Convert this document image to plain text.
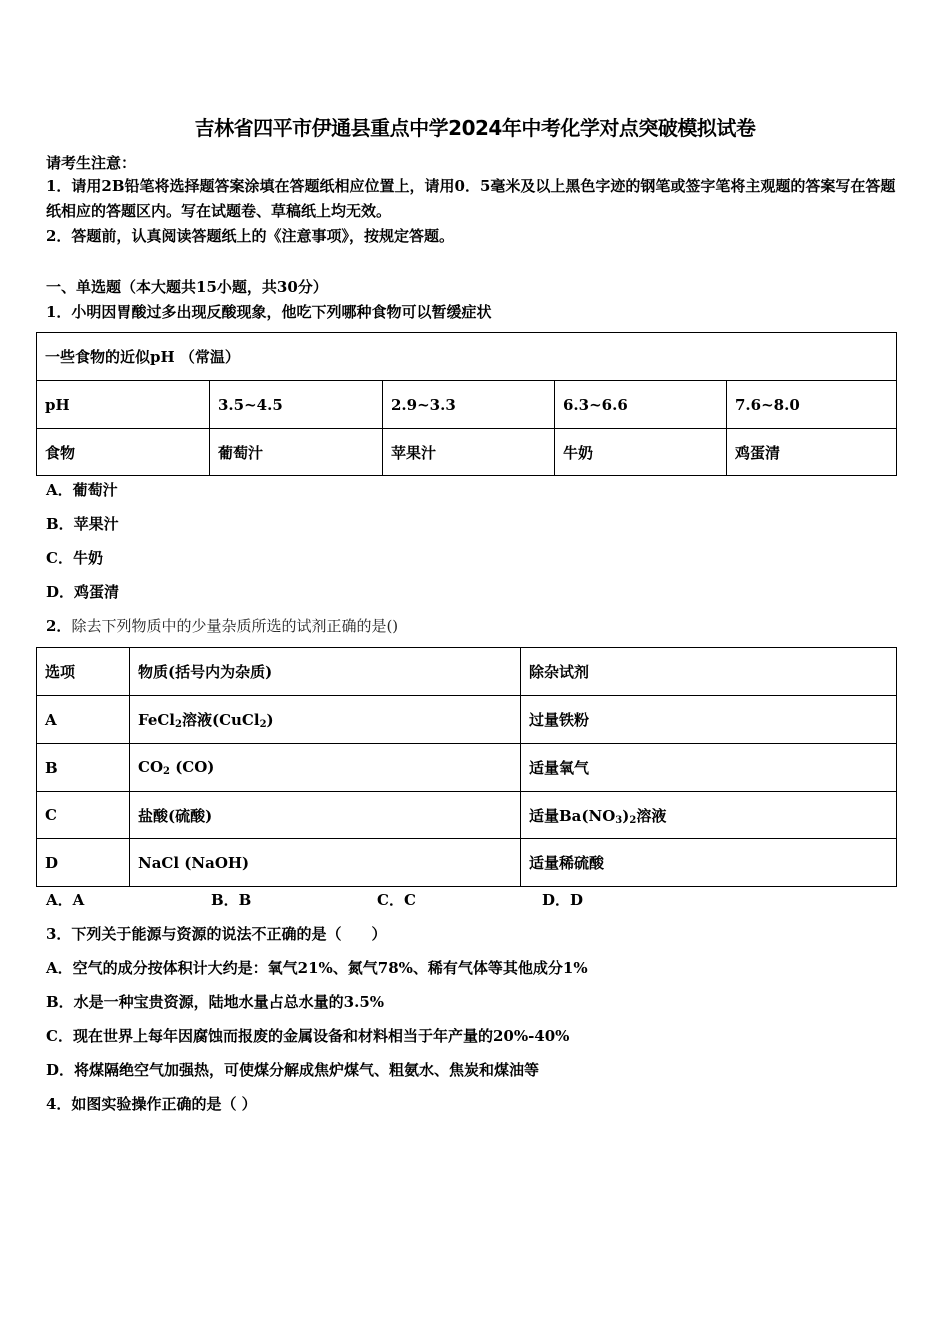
吉林省四平市伊通县重点中学2024年中考化学对点突破模拟试卷
请考生注意：
1．请用2B铅笔将选择题答案涂填在答题纸相应位置上，请用0．5毫米及以上黑色字迹的钢笔或签字笔将主观题的答案写在答题纸相应的答题区内。写在试题卷、草稿纸上均无效。
2．答题前，认真阅读答题纸上的《注意事项》，按规定答题。
一、单选题（本大题共15小题，共30分）
1．小明因胃酸过多出现反酸现象，他吃下列哪种食物可以暂缓症状
一些食物的近似pH （常温）				
pH	3.5~4.5	2.9~3.3	6.3~6.6	7.6~8.0
食物	葡萄汁	苹果汁	牛奶	鸡蛋清
A．葡萄汁
B．苹果汁
C．牛奶
D．鸡蛋清
2．除去下列物质中的少量杂质所选的试剂正确的是()
选项	物质(括号内为杂质)	除杂试剂
A	FeCl$_2$溶液(CuCl$_2$)	过量铁粉
B	$CO_2$ (CO)	适量氧气
C	盐酸(硫酸)	适量$Ba(NO_3)_2$溶液
D	NaCl (NaOH)	适量稀硫酸
A．A	B．B	C．C	D．D
3．下列关于能源与资源的说法不正确的是（　　）
A．空气的成分按体积计大约是：氧气21%、氮气78%、稀有气体等其他成分1%
B．水是一种宝贵资源，陆地水量占总水量的3.5%
C．现在世界上每年因腐蚀而报废的金属设备和材料相当于年产量的20%-40%
D．将煤隔绝空气加强热，可使煤分解成焦炉煤气、粗氨水、焦炭和煤油等
4．如图实验操作正确的是（ ）
